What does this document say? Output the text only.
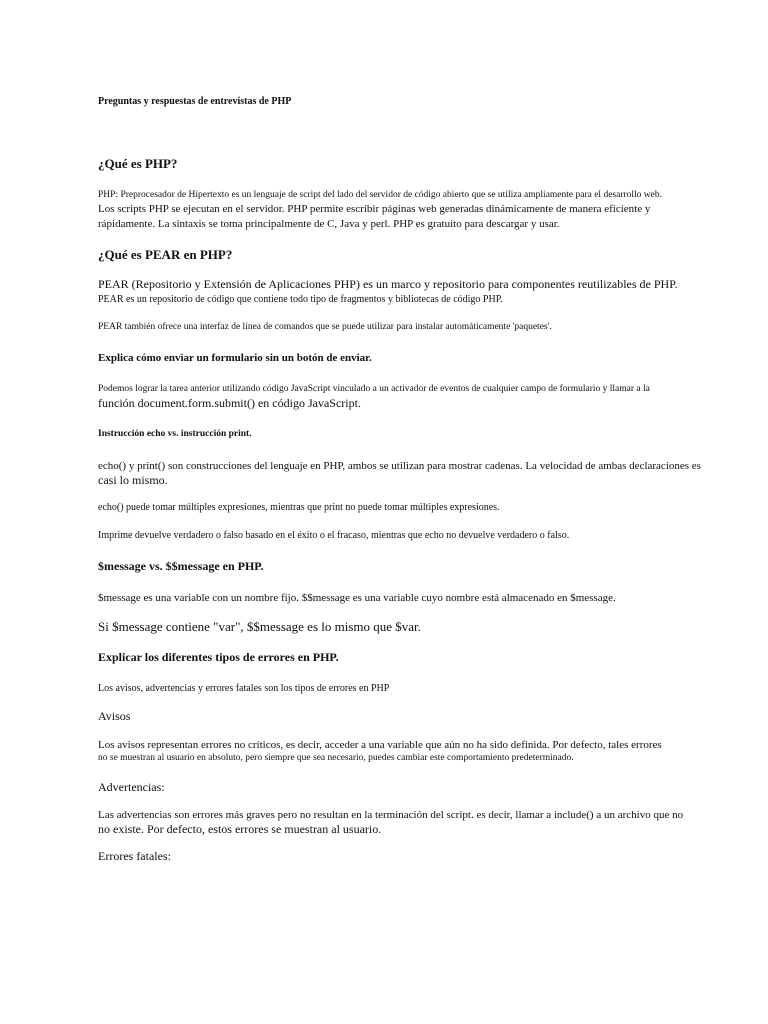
Preguntas y respuestas de entrevistas de PHP
¿Qué es PHP?
PHP: Preprocesador de Hipertexto es un lenguaje de script del lado del servidor de código abierto que se utiliza ampliamente para el desarrollo web.
Los scripts PHP se ejecutan en el servidor. PHP permite escribir páginas web generadas dinámicamente de manera eficiente y
rápidamente. La sintaxis se toma principalmente de C, Java y perl. PHP es gratuito para descargar y usar.
¿Qué es PEAR en PHP?
PEAR (Repositorio y Extensión de Aplicaciones PHP) es un marco y repositorio para componentes reutilizables de PHP.
PEAR es un repositorio de código que contiene todo tipo de fragmentos y bibliotecas de código PHP.
PEAR también ofrece una interfaz de línea de comandos que se puede utilizar para instalar automáticamente 'paquetes'.
Explica cómo enviar un formulario sin un botón de enviar.
Podemos lograr la tarea anterior utilizando código JavaScript vinculado a un activador de eventos de cualquier campo de formulario y llamar a la
función document.form.submit() en código JavaScript.
Instrucción echo vs. instrucción print.
echo() y print() son construcciones del lenguaje en PHP, ambos se utilizan para mostrar cadenas. La velocidad de ambas declaraciones es
casi lo mismo.
echo() puede tomar múltiples expresiones, mientras que print no puede tomar múltiples expresiones.
Imprime devuelve verdadero o falso basado en el éxito o el fracaso, mientras que echo no devuelve verdadero o falso.
$message vs. $$message en PHP.
$message es una variable con un nombre fijo. $$message es una variable cuyo nombre está almacenado en $message.
Si $message contiene "var", $$message es lo mismo que $var.
Explicar los diferentes tipos de errores en PHP.
Los avisos, advertencias y errores fatales son los tipos de errores en PHP
Avisos
Los avisos representan errores no críticos, es decir, acceder a una variable que aún no ha sido definida. Por defecto, tales errores
no se muestran al usuario en absoluto, pero siempre que sea necesario, puedes cambiar este comportamiento predeterminado.
Advertencias:
Las advertencias son errores más graves pero no resultan en la terminación del script. es decir, llamar a include() a un archivo que no
no existe. Por defecto, estos errores se muestran al usuario.
Errores fatales:
